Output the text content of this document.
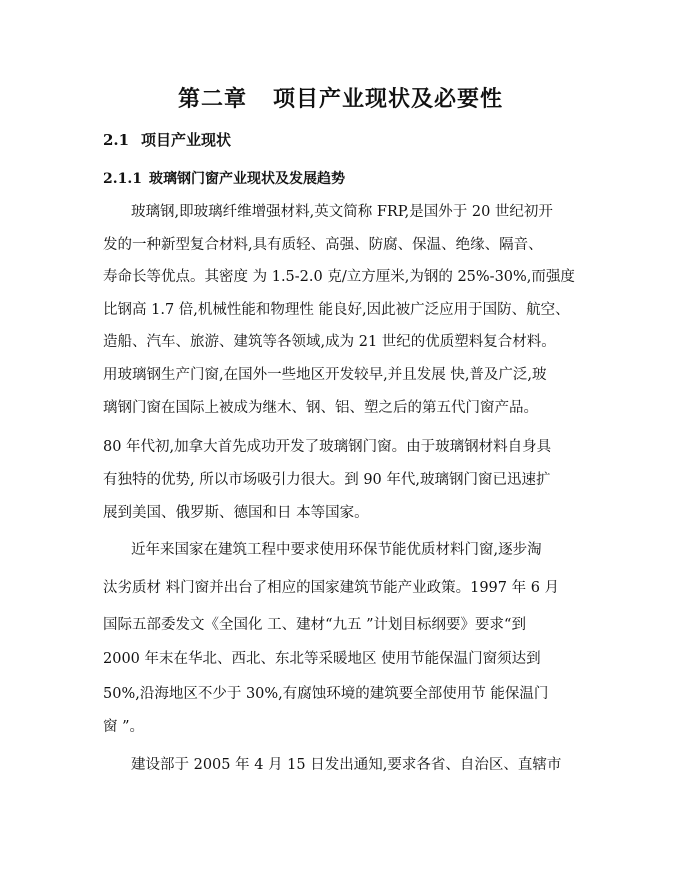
第二章 项目产业现状及必要性
2.1 项目产业现状
2.1.1 玻璃钢门窗产业现状及发展趋势
玻璃钢,即玻璃纤维增强材料,英文简称 FRP,是国外于 20 世纪初开
发的一种新型复合材料,具有质轻、高强、防腐、保温、绝缘、隔音、
寿命长等优点。其密度 为 1.5-2.0 克/立方厘米,为钢的 25%-30%,而强度
比钢高 1.7 倍,机械性能和物理性 能良好,因此被广泛应用于国防、航空、
造船、汽车、旅游、建筑等各领域,成为 21 世纪的优质塑料复合材料。
用玻璃钢生产门窗,在国外一些地区开发较早,并且发展 快,普及广泛,玻
璃钢门窗在国际上被成为继木、钢、铝、塑之后的第五代门窗产品。
80 年代初,加拿大首先成功开发了玻璃钢门窗。由于玻璃钢材料自身具
有独特的优势, 所以市场吸引力很大。到 90 年代,玻璃钢门窗已迅速扩
展到美国、俄罗斯、德国和日 本等国家。
近年来国家在建筑工程中要求使用环保节能优质材料门窗,逐步淘
汰劣质材 料门窗并出台了相应的国家建筑节能产业政策。1997 年 6 月
国际五部委发文《全国化 工、建材“九五 ”计划目标纲要》要求“到
2000 年末在华北、西北、东北等采暖地区 使用节能保温门窗须达到
50%,沿海地区不少于 30%,有腐蚀环境的建筑要全部使用节 能保温门
窗 ”。
建设部于 2005 年 4 月 15 日发出通知,要求各省、自治区、直辖市
